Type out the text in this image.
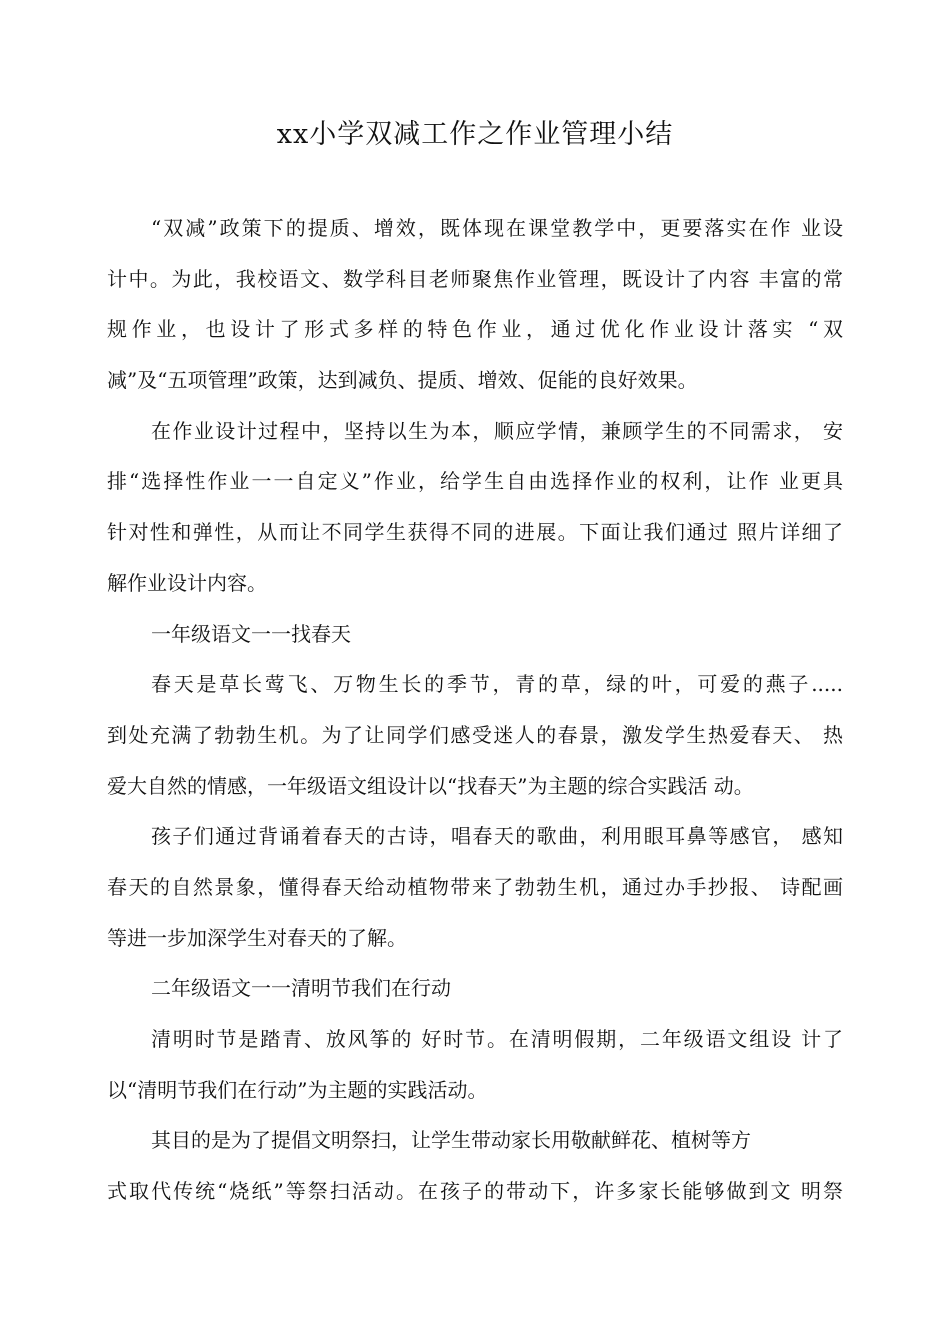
xx小学双减工作之作业管理小结
“双减”政策下的提质、增效，既体现在课堂教学中，更要落实在作 业设
计中。为此，我校语文、数学科目老师聚焦作业管理，既设计了内容 丰富的常
规作业，也设计了形式多样的特色作业，通过优化作业设计落实 “双
减”及“五项管理”政策，达到减负、提质、增效、促能的良好效果。
在作业设计过程中，坚持以生为本，顺应学情，兼顾学生的不同需求， 安
排“选择性作业一一自定义”作业，给学生自由选择作业的权利，让作 业更具
针对性和弹性，从而让不同学生获得不同的进展。下面让我们通过 照片详细了
解作业设计内容。
一年级语文一一找春天
春天是草长莺飞、万物生长的季节，青的草，绿的叶，可爱的燕子.....
到处充满了勃勃生机。为了让同学们感受迷人的春景，激发学生热爱春天、 热
爱大自然的情感，一年级语文组设计以“找春天”为主题的综合实践活 动。
孩子们通过背诵着春天的古诗，唱春天的歌曲，利用眼耳鼻等感官， 感知
春天的自然景象，懂得春天给动植物带来了勃勃生机，通过办手抄报、 诗配画
等进一步加深学生对春天的了解。
二年级语文一一清明节我们在行动
清明时节是踏青、放风筝的 好时节。在清明假期，二年级语文组设 计了
以“清明节我们在行动”为主题的实践活动。
其目的是为了提倡文明祭扫，让学生带动家长用敬献鲜花、植树等方
式取代传统“烧纸”等祭扫活动。在孩子的带动下，许多家长能够做到文 明祭
